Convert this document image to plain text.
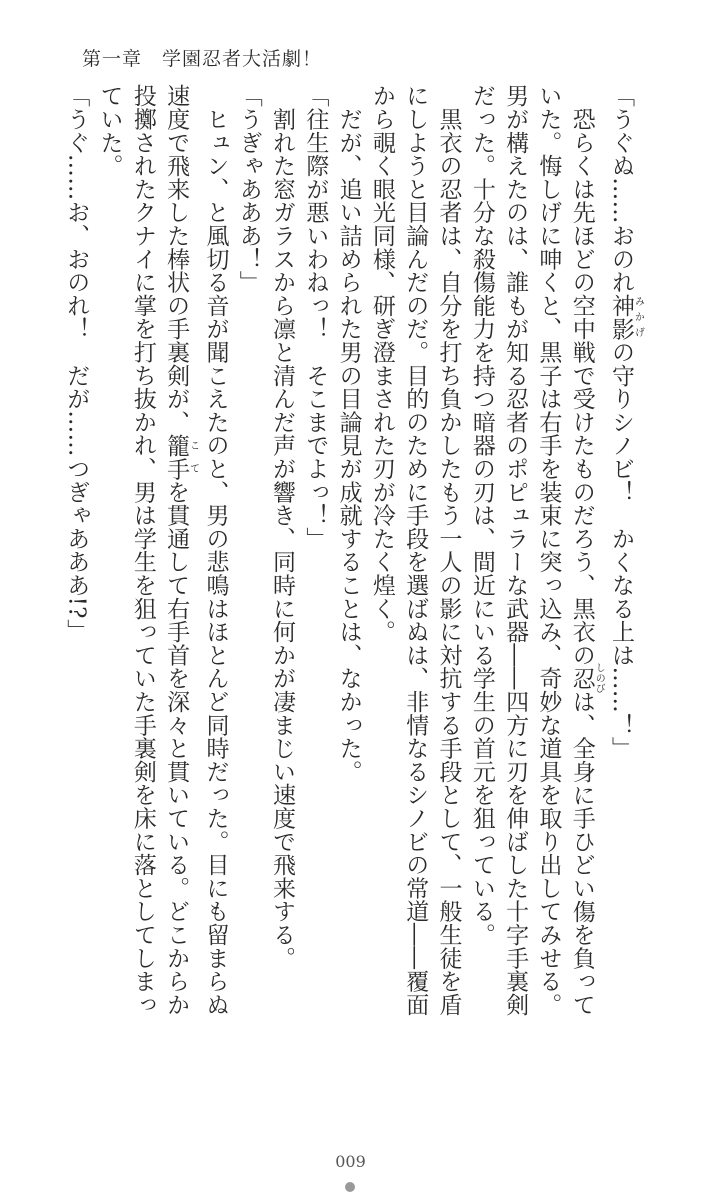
第一章　学園忍者大活劇！
「うぐぬ……おのれ神影みかげの守りシノビ！　かくなる上は……！」
　恐らくは先ほどの空中戦で受けたものだろう、黒衣の忍しのびは、全身に手ひどい傷を負って
いた。悔しげに呻くと、黒子は右手を装束に突っ込み、奇妙な道具を取り出してみせる。
男が構えたのは、誰もが知る忍者のポピュラーな武器――四方に刃を伸ばした十字手裏剣
だった。十分な殺傷能力を持つ暗器の刃は、間近にいる学生の首元を狙っている。
　黒衣の忍者は、自分を打ち負かしたもう一人の影に対抗する手段として、一般生徒を盾
にしようと目論んだのだ。目的のために手段を選ばぬは、非情なるシノビの常道――覆面
から覗く眼光同様、研ぎ澄まされた刃が冷たく煌く。
　だが、追い詰められた男の目論見が成就することは、なかった。
「往生際が悪いわねっ！　そこまでよっ！」
　割れた窓ガラスから凛と清んだ声が響き、同時に何かが凄まじい速度で飛来する。
「うぎゃあああ！」
　ヒュン、と風切る音が聞こえたのと、男の悲鳴はほとんど同時だった。目にも留まらぬ
速度で飛来した棒状の手裏剣が、籠手こてを貫通して右手首を深々と貫いている。どこからか
投擲されたクナイに掌を打ち抜かれ、男は学生を狙っていた手裏剣を床に落としてしまっ
ていた。
「うぐ……お、おのれ！　だが……つぎゃあああ!?」
009
